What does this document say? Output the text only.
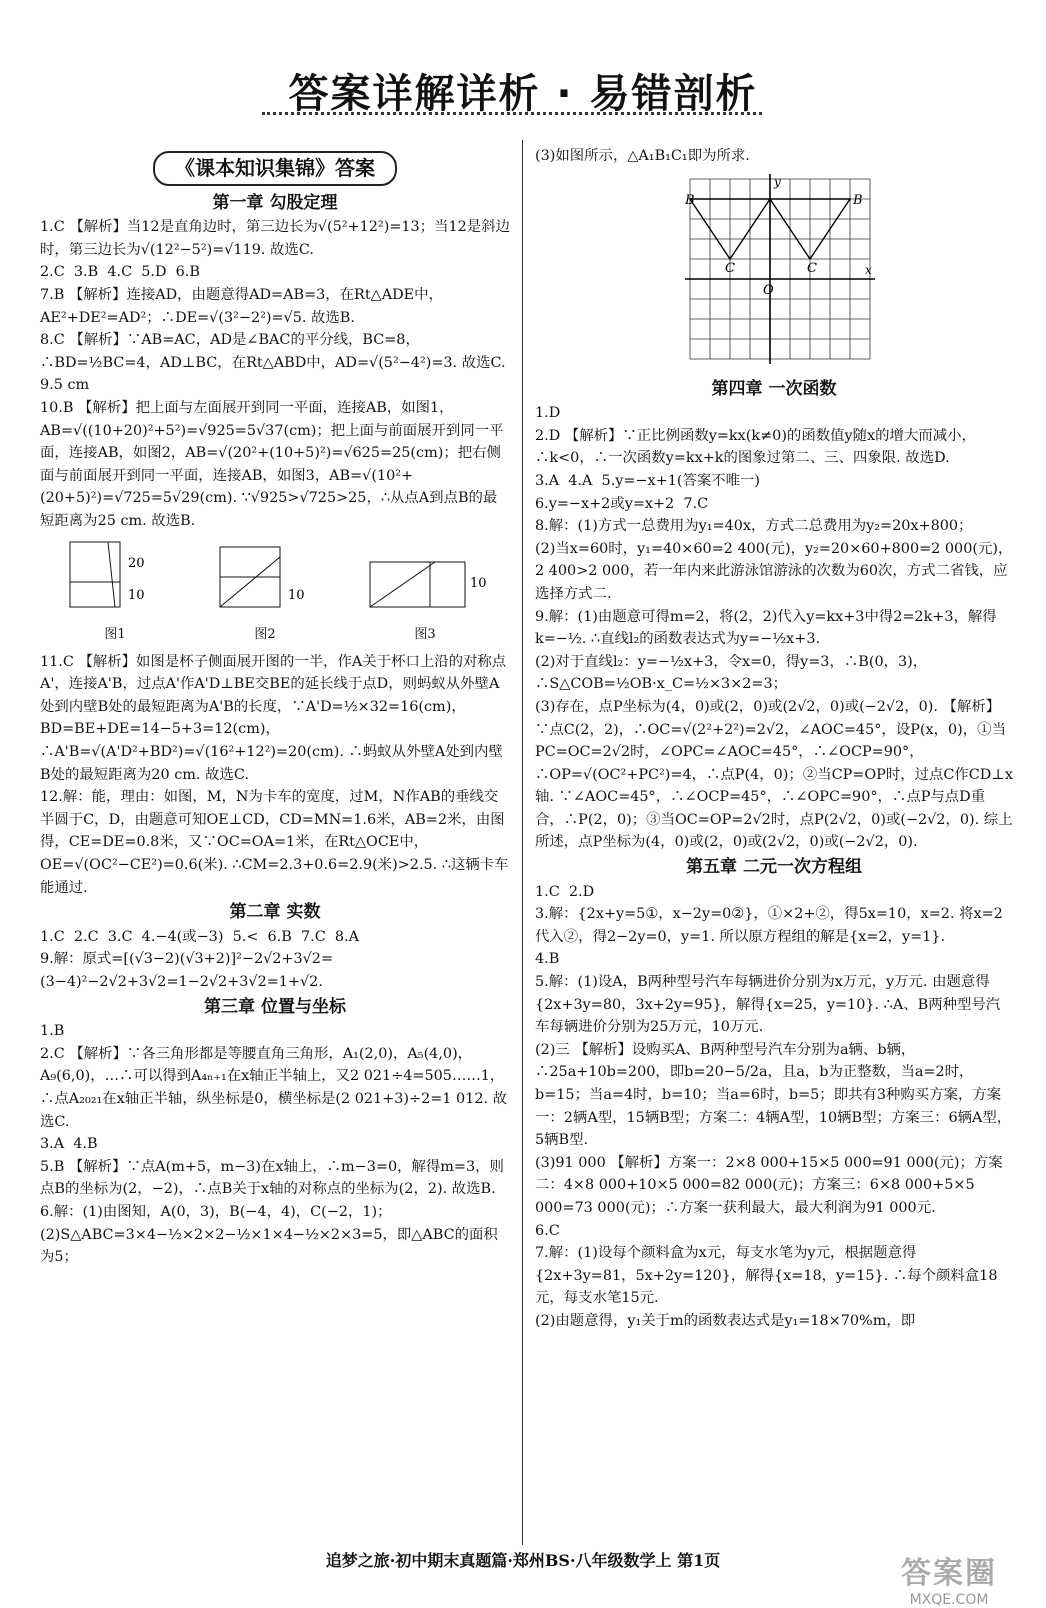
答案详解详析 · 易错剖析
《课本知识集锦》答案
第一章 勾股定理

1.C 【解析】当12是直角边时，第三边长为√(5²+12²)=13；当12是斜边时，第三边长为√(12²−5²)=√119. 故选C.
2.C  3.B  4.C  5.D  6.B
7.B 【解析】连接AD，由题意得AD=AB=3，在Rt△ADE中，AE²+DE²=AD²；∴DE=√(3²−2²)=√5. 故选B.
8.C 【解析】∵AB=AC，AD是∠BAC的平分线，BC=8，∴BD=½BC=4，AD⊥BC，在Rt△ABD中，AD=√(5²−4²)=3. 故选C.
9.5 cm
10.B 【解析】把上面与左面展开到同一平面，连接AB，如图1，AB=√((10+20)²+5²)=√925=5√37(cm)；把上面与前面展开到同一平面，连接AB，如图2，AB=√(20²+(10+5)²)=√625=25(cm)；把右侧面与前面展开到同一平面，连接AB，如图3，AB=√(10²+(20+5)²)=√725=5√29(cm). ∵√925>√725>25，∴从点A到点B的最短距离为25 cm. 故选B.

20
10
图1
10
图2
10
图3

11.C 【解析】如图是杯子侧面展开图的一半，作A关于杯口上沿的对称点A'，连接A'B，过点A'作A'D⊥BE交BE的延长线于点D，则蚂蚁从外壁A处到内壁B处的最短距离为A'B的长度，∵A'D=½×32=16(cm)，BD=BE+DE=14−5+3=12(cm)，∴A'B=√(A'D²+BD²)=√(16²+12²)=20(cm). ∴蚂蚁从外壁A处到内壁B处的最短距离为20 cm. 故选C.
12.解：能，理由：如图，M，N为卡车的宽度，过M，N作AB的垂线交半圆于C，D，由题意可知OE⊥CD，CD=MN=1.6米，AB=2米，由图得，CE=DE=0.8米，又∵OC=OA=1米，在Rt△OCE中，OE=√(OC²−CE²)=0.6(米). ∴CM=2.3+0.6=2.9(米)>2.5. ∴这辆卡车能通过.

第二章 实数

1.C  2.C  3.C  4.−4(或−3)  5.<  6.B  7.C  8.A
9.解：原式=[(√3−2)(√3+2)]²−2√2+3√2=(3−4)²−2√2+3√2=1−2√2+3√2=1+√2.

第三章 位置与坐标

1.B
2.C 【解析】∵各三角形都是等腰直角三角形，A₁(2,0)，A₅(4,0)，A₉(6,0)，…∴可以得到A₄ₙ₊₁在x轴正半轴上，又2 021÷4=505……1，∴点A₂₀₂₁在x轴正半轴，纵坐标是0，横坐标是(2 021+3)÷2=1 012. 故选C.
3.A  4.B
5.B 【解析】∵点A(m+5，m−3)在x轴上，∴m−3=0，解得m=3，则点B的坐标为(2，−2)，∴点B关于x轴的对称点的坐标为(2，2). 故选B.
6.解：(1)由图知，A(0，3)，B(−4，4)，C(−2，1)；
(2)S△ABC=3×4−½×2×2−½×1×4−½×2×3=5，即△ABC的面积为5；

(3)如图所示，△A₁B₁C₁即为所求.

B	B
C	C
O
x
y
第四章 一次函数

1.D
2.D 【解析】∵正比例函数y=kx(k≠0)的函数值y随x的增大而减小，∴k<0，∴一次函数y=kx+k的图象过第二、三、四象限. 故选D.
3.A  4.A  5.y=−x+1(答案不唯一)
6.y=−x+2或y=x+2  7.C
8.解：(1)方式一总费用为y₁=40x，方式二总费用为y₂=20x+800；
(2)当x=60时，y₁=40×60=2 400(元)，y₂=20×60+800=2 000(元)，2 400>2 000，若一年内来此游泳馆游泳的次数为60次，方式二省钱，应选择方式二.
9.解：(1)由题意可得m=2，将(2，2)代入y=kx+3中得2=2k+3，解得k=−½. ∴直线l₂的函数表达式为y=−½x+3.
(2)对于直线l₂：y=−½x+3，令x=0，得y=3，∴B(0，3)，∴S△COB=½OB·x_C=½×3×2=3；
(3)存在，点P坐标为(4，0)或(2，0)或(2√2，0)或(−2√2，0). 【解析】∵点C(2，2)，∴OC=√(2²+2²)=2√2，∠AOC=45°，设P(x，0)，①当PC=OC=2√2时，∠OPC=∠AOC=45°，∴∠OCP=90°，∴OP=√(OC²+PC²)=4，∴点P(4，0)；②当CP=OP时，过点C作CD⊥x轴. ∵∠AOC=45°，∴∠OCP=45°，∴∠OPC=90°，∴点P与点D重合，∴P(2，0)；③当OC=OP=2√2时，点P(2√2，0)或(−2√2，0). 综上所述，点P坐标为(4，0)或(2，0)或(2√2，0)或(−2√2，0).

第五章 二元一次方程组

1.C  2.D
3.解：{2x+y=5①，x−2y=0②}，①×2+②，得5x=10，x=2. 将x=2代入②，得2−2y=0，y=1. 所以原方程组的解是{x=2，y=1}.
4.B
5.解：(1)设A，B两种型号汽车每辆进价分别为x万元，y万元. 由题意得{2x+3y=80，3x+2y=95}，解得{x=25，y=10}. ∴A、B两种型号汽车每辆进价分别为25万元，10万元.
(2)三 【解析】设购买A、B两种型号汽车分别为a辆、b辆，∴25a+10b=200，即b=20−5/2a，且a，b为正整数，当a=2时，b=15；当a=4时，b=10；当a=6时，b=5；即共有3种购买方案，方案一：2辆A型，15辆B型；方案二：4辆A型，10辆B型；方案三：6辆A型，5辆B型.
(3)91 000 【解析】方案一：2×8 000+15×5 000=91 000(元)；方案二：4×8 000+10×5 000=82 000(元)；方案三：6×8 000+5×5 000=73 000(元)；∴方案一获利最大，最大利润为91 000元.
6.C
7.解：(1)设每个颜料盒为x元，每支水笔为y元，根据题意得{2x+3y=81，5x+2y=120}，解得{x=18，y=15}. ∴每个颜料盒18元，每支水笔15元.
(2)由题意得，y₁关于m的函数表达式是y₁=18×70%m，即

追梦之旅·初中期末真题篇·郑州BS·八年级数学上 第1页	答案圈
MXQE.COM
